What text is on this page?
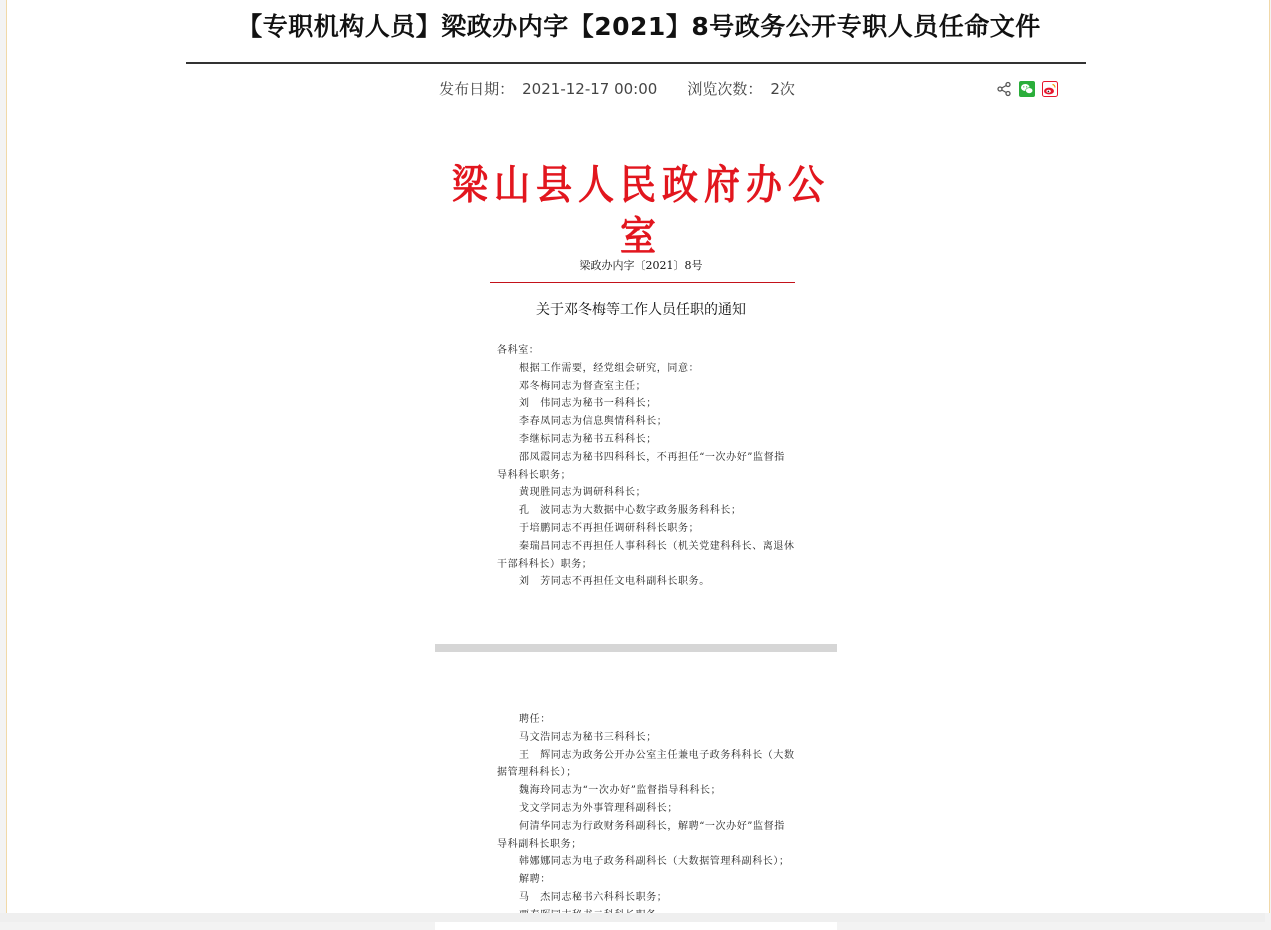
【专职机构人员】梁政办内字【2021】8号政务公开专职人员任命文件
发布日期： 2021-12-17 00:00 浏览次数： 2次
梁山县人民政府办公室
梁政办内字〔2021〕8号
关于邓冬梅等工作人员任职的通知
各科室：
根据工作需要，经党组会研究，同意：
邓冬梅同志为督查室主任；
刘　伟同志为秘书一科科长；
李春凤同志为信息舆情科科长；
李继标同志为秘书五科科长；
邵凤霞同志为秘书四科科长，不再担任“一次办好”监督指
导科科长职务；
黄现胜同志为调研科科长；
孔　波同志为大数据中心数字政务服务科科长；
于培鹏同志不再担任调研科科长职务；
秦瑞昌同志不再担任人事科科长（机关党建科科长、离退休
干部科科长）职务；
刘　芳同志不再担任文电科副科长职务。
聘任：
马文浩同志为秘书三科科长；
王　辉同志为政务公开办公室主任兼电子政务科科长（大数
据管理科科长）；
魏海玲同志为“一次办好”监督指导科科长；
戈文学同志为外事管理科副科长；
何清华同志为行政财务科副科长，解聘“一次办好”监督指
导科副科长职务；
韩娜娜同志为电子政务科副科长（大数据管理科副科长）；
解聘：
马　杰同志秘书六科科长职务；
